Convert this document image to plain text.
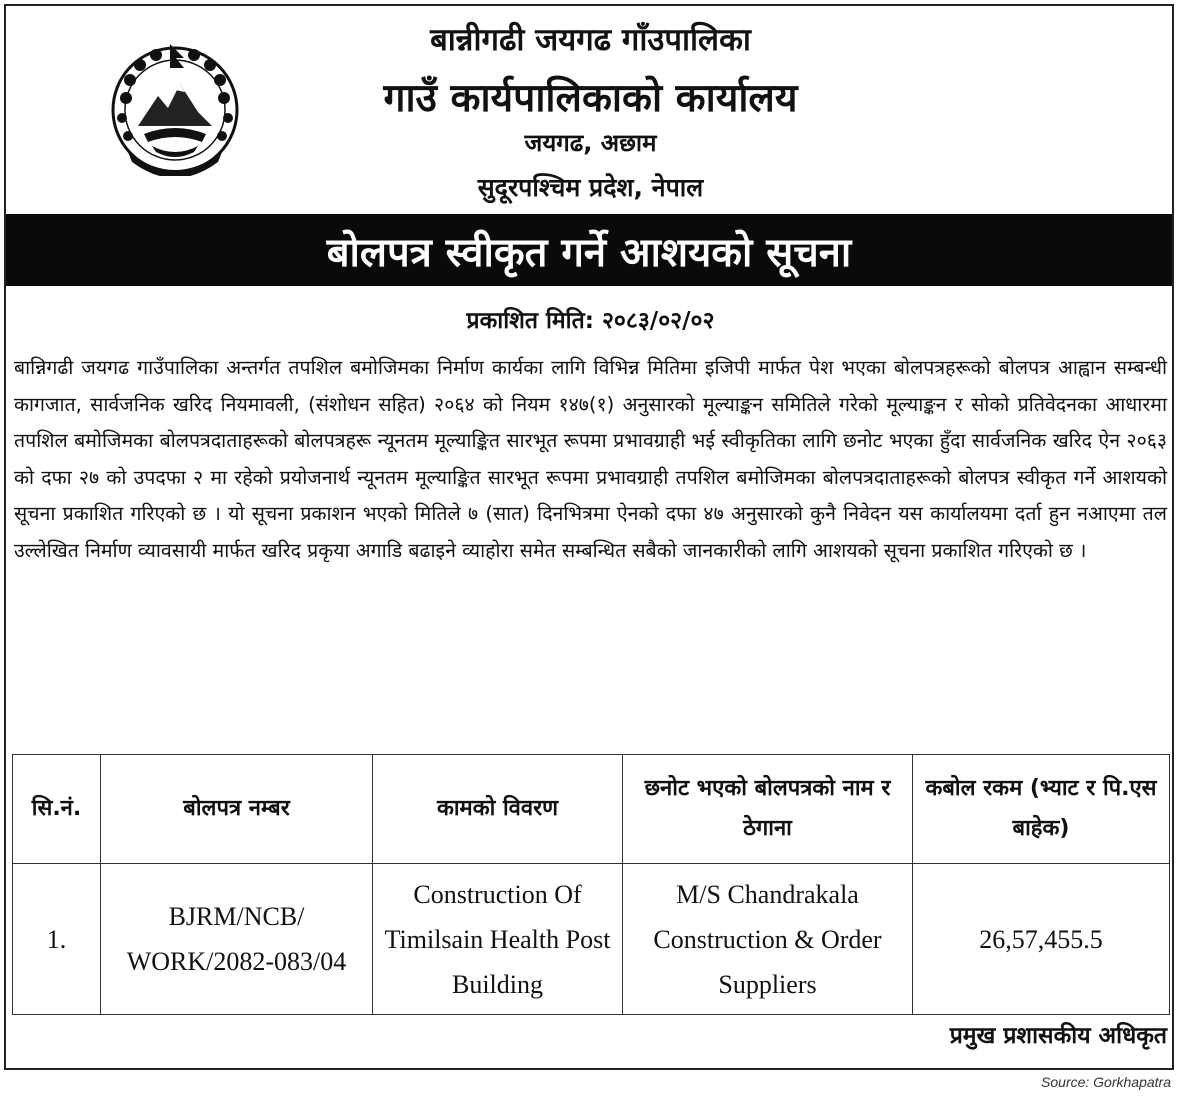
बान्नीगढी जयगढ गाँउपालिका
गाउँ कार्यपालिकाको कार्यालय
जयगढ, अछाम
सुदूरपश्चिम प्रदेश, नेपाल
बोलपत्र स्वीकृत गर्ने आशयको सूचना
प्रकाशित मिति: २०८३/०२/०२
बान्निगढी जयगढ गाउँपालिका अन्तर्गत तपशिल बमोजिमका निर्माण कार्यका लागि विभिन्न मितिमा इजिपी मार्फत पेश भएका बोलपत्रहरूको बोलपत्र आह्वान सम्बन्धी कागजात, सार्वजनिक खरिद नियमावली, (संशोधन सहित) २०६४ को नियम १४७(१) अनुसारको मूल्याङ्कन समितिले गरेको मूल्याङ्कन र सोको प्रतिवेदनका आधारमा तपशिल बमोजिमका बोलपत्रदाताहरूको बोलपत्रहरू न्यूनतम मूल्याङ्कित सारभूत रूपमा प्रभावग्राही भई स्वीकृतिका लागि छनोट भएका हुँदा सार्वजनिक खरिद ऐन २०६३ को दफा २७ को उपदफा २ मा रहेको प्रयोजनार्थ न्यूनतम मूल्याङ्कित सारभूत रूपमा प्रभावग्राही तपशिल बमोजिमका बोलपत्रदाताहरूको बोलपत्र स्वीकृत गर्ने आशयको सूचना प्रकाशित गरिएको छ । यो सूचना प्रकाशन भएको मितिले ७ (सात) दिनभित्रमा ऐनको दफा ४७ अनुसारको कुनै निवेदन यस कार्यालयमा दर्ता हुन नआएमा तल उल्लेखित निर्माण व्यावसायी मार्फत खरिद प्रकृया अगाडि बढाइने व्याहोरा समेत सम्बन्धित सबैको जानकारीको लागि आशयको सूचना प्रकाशित गरिएको छ ।
सि.नं.	बोलपत्र नम्बर	कामको विवरण	छनोट भएको बोलपत्रको नाम र ठेगाना	कबोल रकम (भ्याट र पि.एस बाहेक)
1.	BJRM/NCB/ WORK/2082-083/04	Construction Of Timilsain Health Post Building	M/S Chandrakala Construction & Order Suppliers	26,57,455.5
प्रमुख प्रशासकीय अधिकृत
Source: Gorkhapatra
